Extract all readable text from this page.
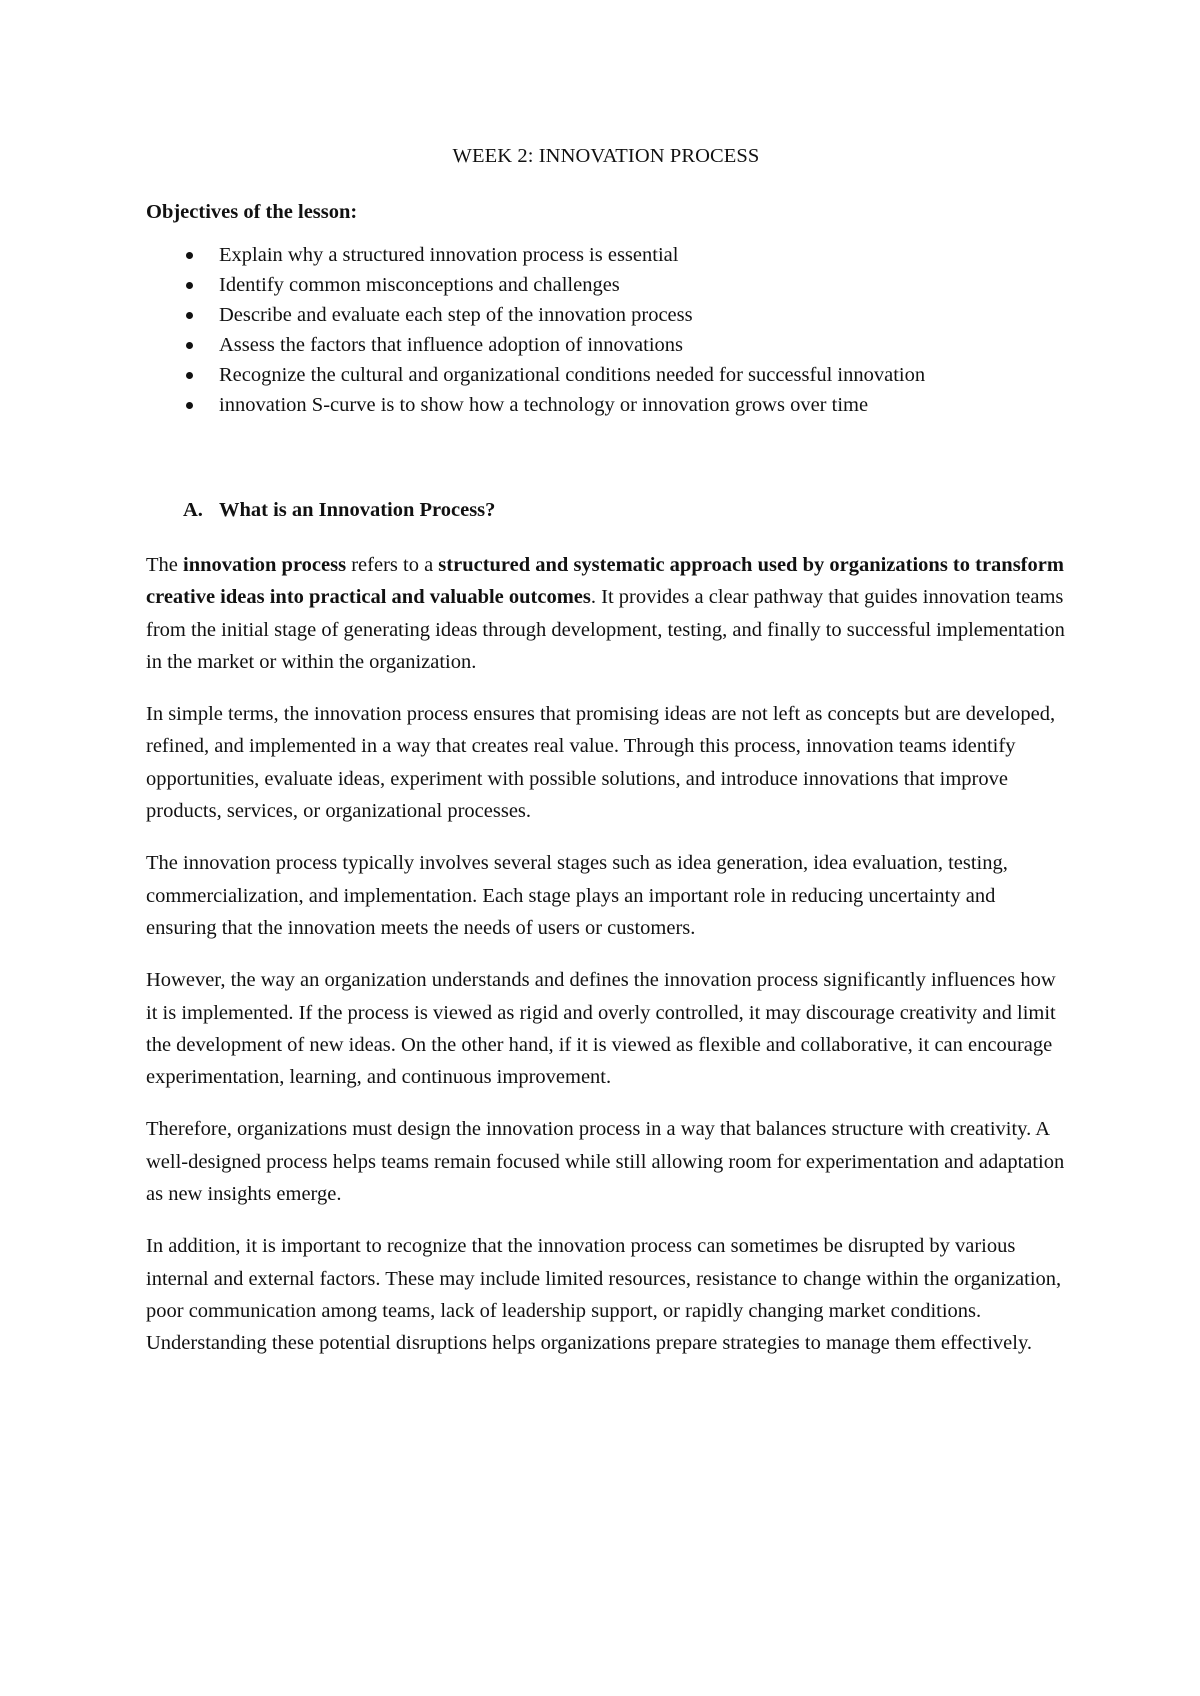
WEEK 2: INNOVATION PROCESS
Objectives of the lesson:
Explain why a structured innovation process is essential
Identify common misconceptions and challenges
Describe and evaluate each step of the innovation process
Assess the factors that influence adoption of innovations
Recognize the cultural and organizational conditions needed for successful innovation
innovation S-curve is to show how a technology or innovation grows over time
A. What is an Innovation Process?

The innovation process refers to a structured and systematic approach used by organizations to transform creative ideas into practical and valuable outcomes. It provides a clear pathway that guides innovation teams from the initial stage of generating ideas through development, testing, and finally to successful implementation in the market or within the organization.

In simple terms, the innovation process ensures that promising ideas are not left as concepts but are developed, refined, and implemented in a way that creates real value. Through this process, innovation teams identify opportunities, evaluate ideas, experiment with possible solutions, and introduce innovations that improve products, services, or organizational processes.

The innovation process typically involves several stages such as idea generation, idea evaluation, testing, commercialization, and implementation. Each stage plays an important role in reducing uncertainty and ensuring that the innovation meets the needs of users or customers.

However, the way an organization understands and defines the innovation process significantly influences how it is implemented. If the process is viewed as rigid and overly controlled, it may discourage creativity and limit the development of new ideas. On the other hand, if it is viewed as flexible and collaborative, it can encourage experimentation, learning, and continuous improvement.

Therefore, organizations must design the innovation process in a way that balances structure with creativity. A well-designed process helps teams remain focused while still allowing room for experimentation and adaptation as new insights emerge.

In addition, it is important to recognize that the innovation process can sometimes be disrupted by various internal and external factors. These may include limited resources, resistance to change within the organization, poor communication among teams, lack of leadership support, or rapidly changing market conditions. Understanding these potential disruptions helps organizations prepare strategies to manage them effectively.
